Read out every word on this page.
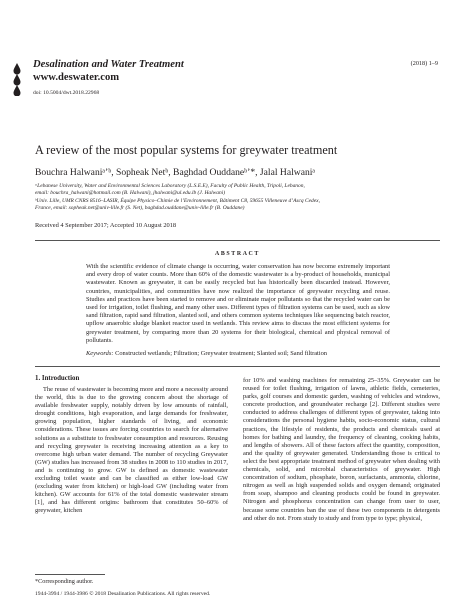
Desalination and Water Treatment
www.deswater.com
doi: 10.5004/dwt.2018.22968
(2018) 1–9
A review of the most popular systems for greywater treatment
Bouchra Halwaniᵃʼᵇ, Sopheak Netᵇ, Baghdad Ouddaneᵇʼ*, Jalal Halwaniᵃ

ᵃLebanese University, Water and Environmental Sciences Laboratory (L.S.E.E), Faculty of Public Health, Tripoli, Lebanon,

email: bouchra_halwani@hotmail.com (B. Halwani), jhalwani@ul.edu.lb (J. Halwani)

ᵇUniv. Lille, UMR CNRS 8516–LASIR, Équipe Physico–Chimie de l’Environnement, Bâtiment C8, 59655 Villeneuve d’Ascq Cedex,

France, email: sopheak.net@univ-lille.fr (S. Net), baghdad.ouddane@univ-lille.fr (B. Ouddane)

Received 4 September 2017; Accepted 10 August 2018
ABSTRACT
With the scientific evidence of climate change is occurring, water conservation has now become extremely important and every drop of water counts. More than 60% of the domestic wastewater is a by-product of households, municipal wastewater. Known as greywater, it can be easily recycled but has historically been discarded instead. However, countries, municipalities, and communities have now realized the importance of greywater recycling and reuse. Studies and practices have been started to remove and or eliminate major pollutants so that the recycled water can be used for irrigation, toilet flushing, and many other uses. Different types of filtration systems can be used, such as slow sand filtration, rapid sand filtration, slanted soil, and others common systems techniques like sequencing batch reactor, upflow anaerobic sludge blanket reactor used in wetlands. This review aims to discuss the most efficient systems for greywater treatment, by comparing more than 20 systems for their biological, chemical and physical removal of pollutants.
Keywords: Constructed wetlands; Filtration; Greywater treatment; Slanted soil; Sand filtration
1. Introduction
The reuse of wastewater is becoming more and more a necessity around the world, this is due to the growing concern about the shortage of available freshwater supply, notably driven by low amounts of rainfall, drought conditions, high evaporation, and large demands for freshwater, growing population, higher standards of living, and economic considerations. These issues are forcing countries to search for alternative solutions as a substitute to freshwater consumption and resources. Reusing and recycling greywater is receiving increasing attention as a key to overcome high urban water demand. The number of recycling Greywater (GW) studies has increased from 38 studies in 2008 to 110 studies in 2017, and is continuing to grow. GW is defined as domestic wastewater excluding toilet waste and can be classified as either low-load GW (excluding water from kitchen) or high-load GW (including water from kitchen). GW accounts for 61% of the total domestic wastewater stream [1], and has different origins: bathroom that constitutes 50–60% of greywater, kitchen
for 10% and washing machines for remaining 25–35%. Greywater can be reused for toilet flushing, irrigation of lawns, athletic fields, cemeteries, parks, golf courses and domestic garden, washing of vehicles and windows, concrete production, and groundwater recharge [2]. Different studies were conducted to address challenges of different types of greywater, taking into considerations the personal hygiene habits, socio-economic status, cultural practices, the lifestyle of residents, the products and chemicals used at homes for bathing and laundry, the frequency of cleaning, cooking habits, and lengths of showers. All of these factors affect the quantity, composition, and the quality of greywater generated. Understanding those is critical to select the best appropriate treatment method of greywater when dealing with chemicals, solid, and microbial characteristics of greywater. High concentration of sodium, phosphate, boron, surfactants, ammonia, chlorine, nitrogen as well as high suspended solids and oxygen demand; originated from soap, shampoo and cleaning products could be found in greywater. Nitrogen and phosphorus concentration can change from user to user, because some countries ban the use of these two components in detergents and other do not. From study to study and from type to type; physical,
*Corresponding author.
1944-3994 / 1944-3986 © 2018 Desalination Publications. All rights reserved.
